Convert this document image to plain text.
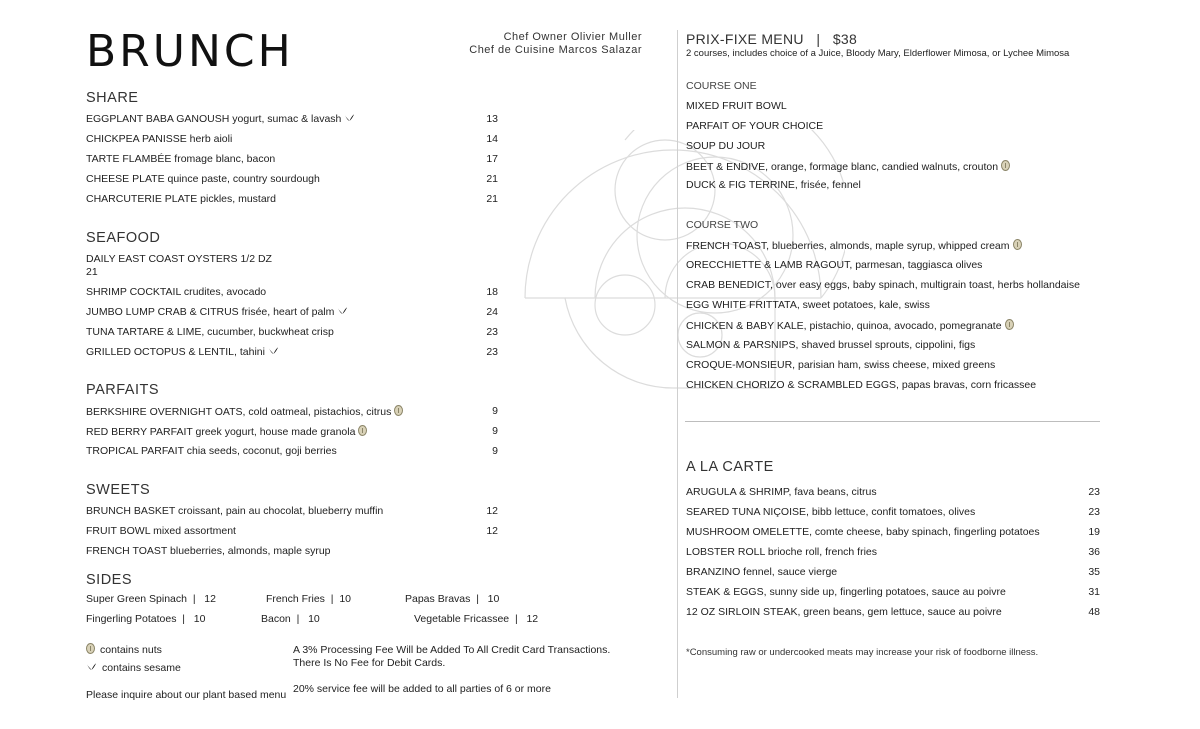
BRUNCH	Chef Owner Olivier Muller
Chef de Cuisine Marcos Salazar
SHARE
EGGPLANT BABA GANOUSH yogurt, sumac & lavash	13
CHICKPEA PANISSE herb aioli	14
TARTE FLAMBÉE fromage blanc, bacon	17
CHEESE PLATE quince paste, country sourdough	21
CHARCUTERIE PLATE pickles, mustard	21
SEAFOOD
DAILY EAST COAST OYSTERS 1/2 DZ
21
SHRIMP COCKTAIL crudites, avocado	18
JUMBO LUMP CRAB & CITRUS frisée, heart of palm	24
TUNA TARTARE & LIME, cucumber, buckwheat crisp	23
GRILLED OCTOPUS & LENTIL, tahini	23
PARFAITS
BERKSHIRE OVERNIGHT OATS, cold oatmeal, pistachios, citrus	9
RED BERRY PARFAIT greek yogurt, house made granola	9
TROPICAL PARFAIT chia seeds, coconut, goji berries	9
SWEETS
BRUNCH BASKET croissant, pain au chocolat, blueberry muffin	12
FRUIT BOWL mixed assortment	12
FRENCH TOAST blueberries, almonds, maple syrup
SIDES
Super Green Spinach  |   12	French Fries  |  10	Papas Bravas  |   10
Fingerling Potatoes  |   10	Bacon  |   10	Vegetable Fricassee  |   12
contains nuts
contains sesame
Please inquire about our plant based menu
A 3% Processing Fee Will be Added To All Credit Card Transactions.
There Is No Fee for Debit Cards.
20% service fee will be added to all parties of 6 or more
PRIX-FIXE MENU   |   $38
2 courses, includes choice of a Juice, Bloody Mary, Elderflower Mimosa, or Lychee Mimosa
COURSE ONE
MIXED FRUIT BOWL
PARFAIT OF YOUR CHOICE
SOUP DU JOUR
BEET & ENDIVE, orange, formage blanc, candied walnuts, crouton
DUCK & FIG TERRINE, frisée, fennel
COURSE TWO
FRENCH TOAST, blueberries, almonds, maple syrup, whipped cream
ORECCHIETTE & LAMB RAGOUT, parmesan, taggiasca olives
CRAB BENEDICT, over easy eggs, baby spinach, multigrain toast, herbs hollandaise
EGG WHITE FRITTATA, sweet potatoes, kale, swiss
CHICKEN & BABY KALE, pistachio, quinoa, avocado, pomegranate
SALMON & PARSNIPS, shaved brussel sprouts, cippolini, figs
CROQUE-MONSIEUR, parisian ham, swiss cheese, mixed greens
CHICKEN CHORIZO & SCRAMBLED EGGS, papas bravas, corn fricassee
A LA CARTE
ARUGULA & SHRIMP, fava beans, citrus	23
SEARED TUNA NIÇOISE, bibb lettuce, confit tomatoes, olives	23
MUSHROOM OMELETTE, comte cheese, baby spinach, fingerling potatoes	19
LOBSTER ROLL brioche roll, french fries	36
BRANZINO fennel, sauce vierge	35
STEAK & EGGS, sunny side up, fingerling potatoes, sauce au poivre	31
12 OZ SIRLOIN STEAK, green beans, gem lettuce, sauce au poivre	48
*Consuming raw or undercooked meats may increase your risk of foodborne illness.
